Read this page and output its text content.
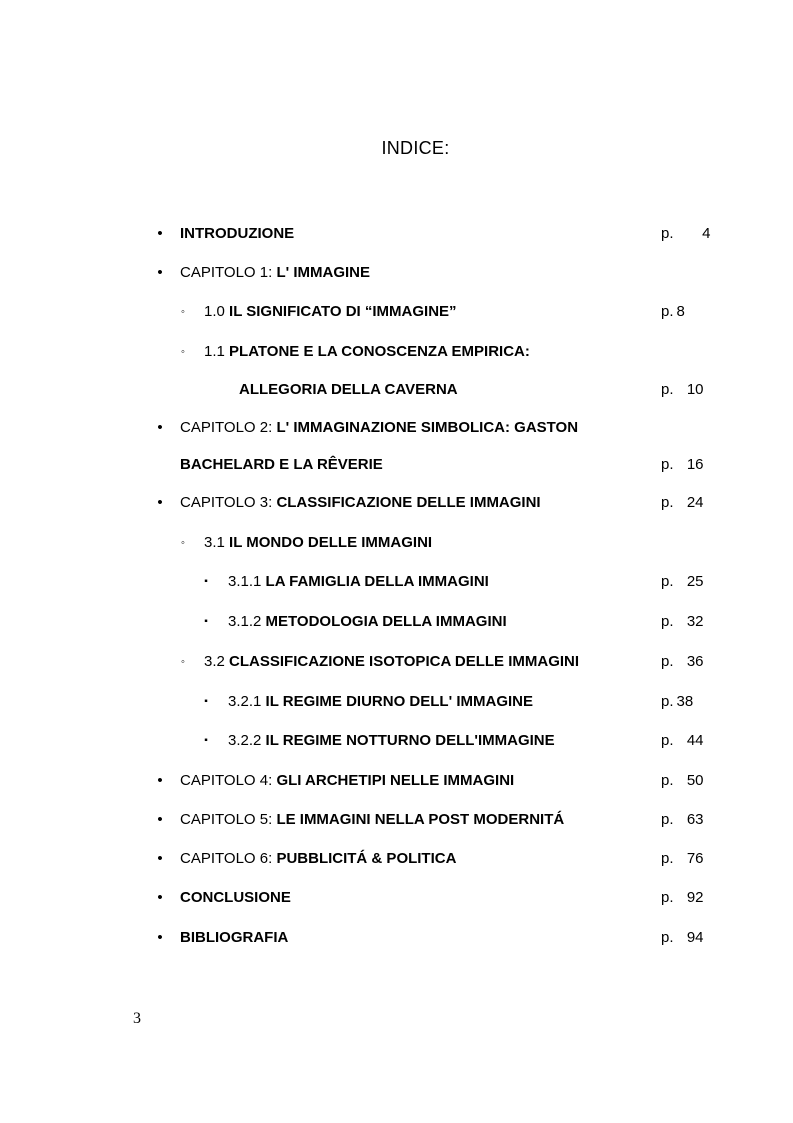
INDICE:
• INTRODUZIONE	p. 4
• CAPITOLO 1: L' IMMAGINE
◦	1.0 IL SIGNIFICATO DI “IMMAGINE”	p. 8
◦	1.1 PLATONE E LA CONOSCENZA EMPIRICA:
ALLEGORIA DELLA CAVERNA	p. 10
• CAPITOLO 2: L' IMMAGINAZIONE SIMBOLICA: GASTON
BACHELARD E LA RÊVERIE	p. 16
• CAPITOLO 3: CLASSIFICAZIONE DELLE IMMAGINI	p. 24
◦	3.1 IL MONDO DELLE IMMAGINI
▪	3.1.1 LA FAMIGLIA DELLA IMMAGINI	p. 25
▪	3.1.2 METODOLOGIA DELLA IMMAGINI	p. 32
◦	3.2 CLASSIFICAZIONE ISOTOPICA DELLE IMMAGINI	p. 36
▪	3.2.1 IL REGIME DIURNO DELL' IMMAGINE	p. 38
▪	3.2.2 IL REGIME NOTTURNO DELL'IMMAGINE	p. 44
• CAPITOLO 4: GLI ARCHETIPI NELLE IMMAGINI	p. 50
• CAPITOLO 5: LE IMMAGINI NELLA POST MODERNITÁ	p. 63
• CAPITOLO 6: PUBBLICITÁ & POLITICA	p. 76
• CONCLUSIONE	p. 92
• BIBLIOGRAFIA	p. 94
3
